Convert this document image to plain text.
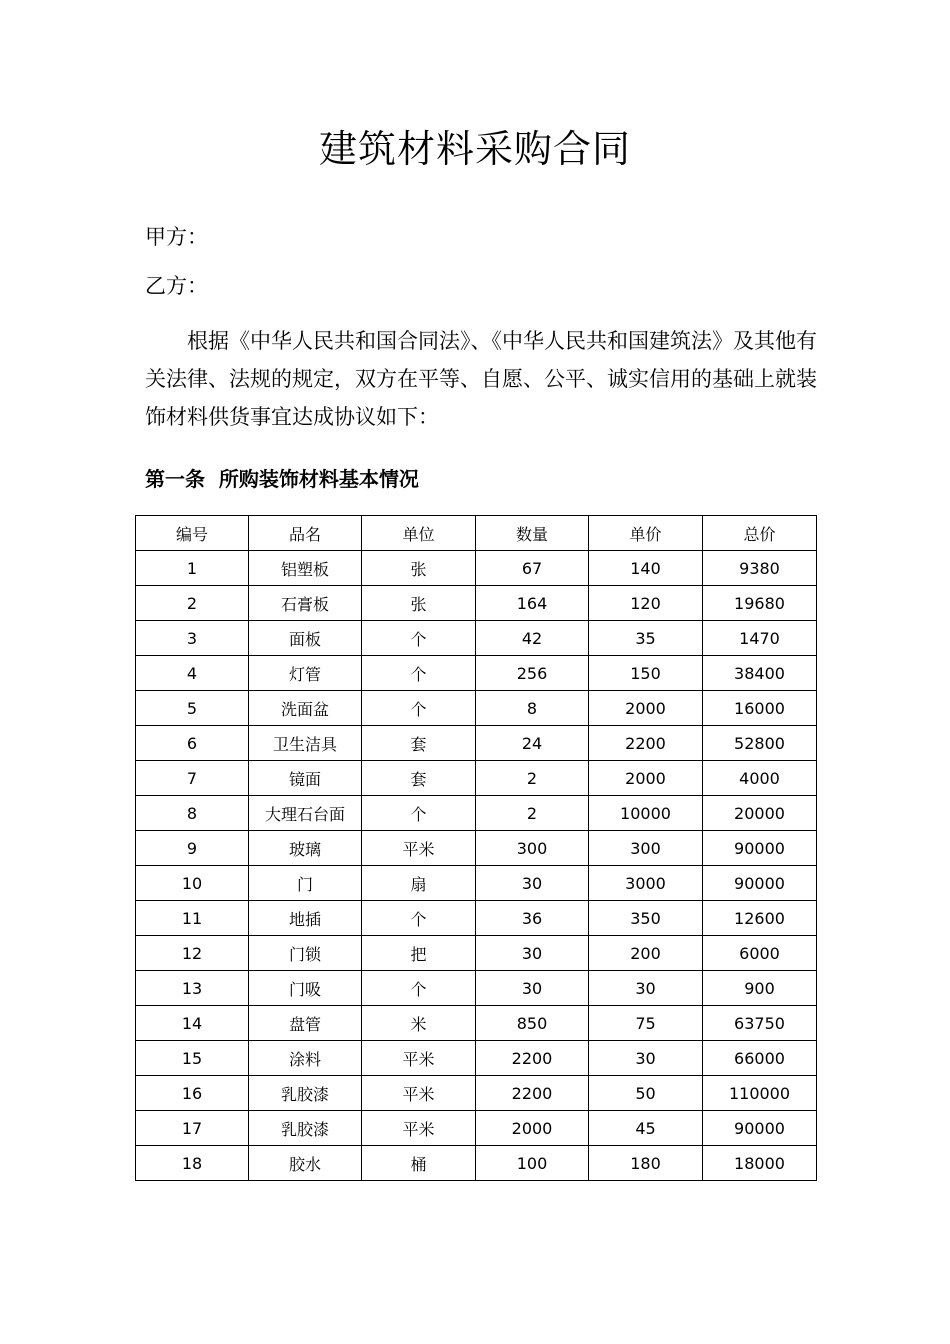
建筑材料采购合同
甲方：
乙方：
根据《中华人民共和国合同法》、《中华人民共和国建筑法》及其他有关法律、法规的规定，双方在平等、自愿、公平、诚实信用的基础上就装饰材料供货事宜达成协议如下：
第一条  所购装饰材料基本情况
编号	品名	单位	数量	单价	总价
1	铝塑板	张	67	140	9380
2	石膏板	张	164	120	19680
3	面板	个	42	35	1470
4	灯管	个	256	150	38400
5	洗面盆	个	8	2000	16000
6	卫生洁具	套	24	2200	52800
7	镜面	套	2	2000	4000
8	大理石台面	个	2	10000	20000
9	玻璃	平米	300	300	90000
10	门	扇	30	3000	90000
11	地插	个	36	350	12600
12	门锁	把	30	200	6000
13	门吸	个	30	30	900
14	盘管	米	850	75	63750
15	涂料	平米	2200	30	66000
16	乳胶漆	平米	2200	50	110000
17	乳胶漆	平米	2000	45	90000
18	胶水	桶	100	180	18000
